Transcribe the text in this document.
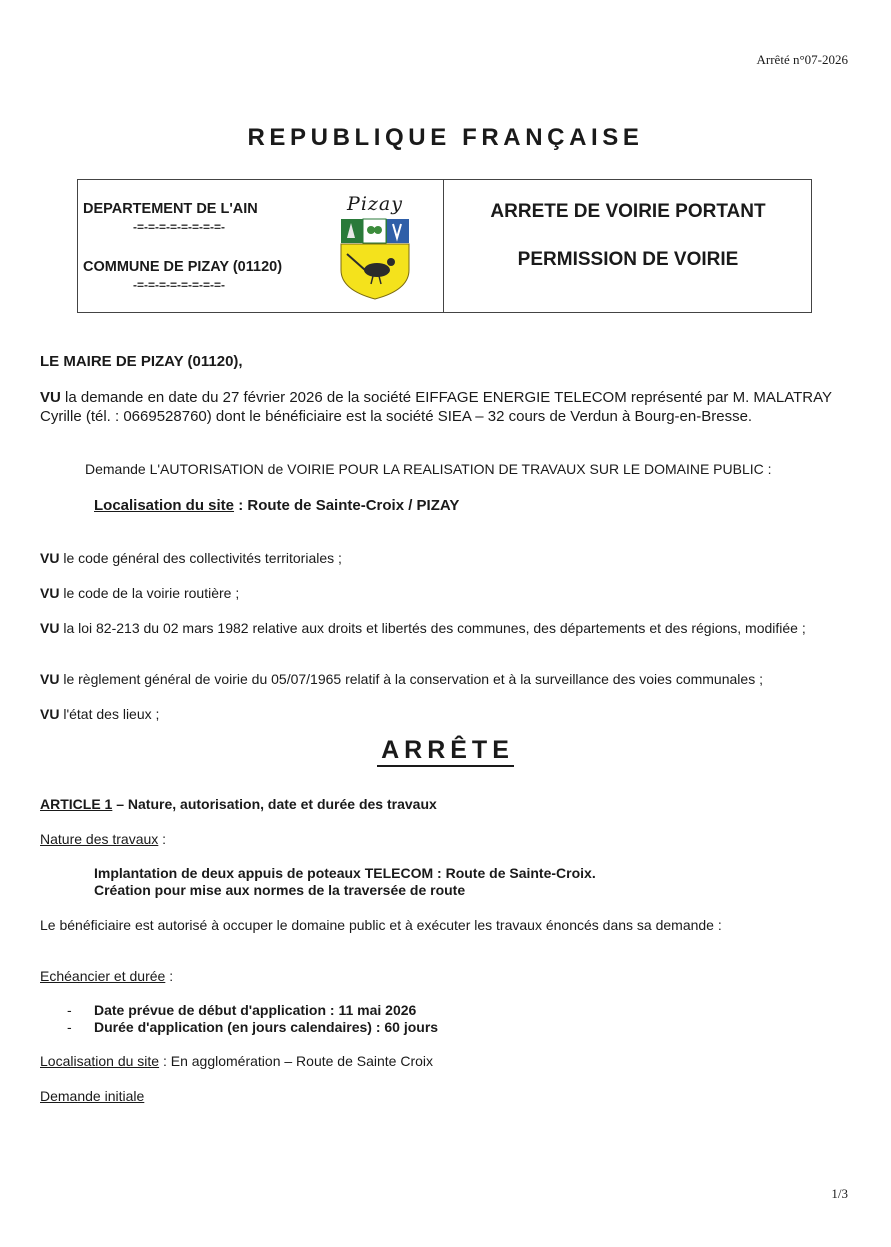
Arrêté n°07-2026
REPUBLIQUE FRANÇAISE
DEPARTEMENT DE L'AIN
-=-=-=-=-=-=-=-=-
COMMUNE DE PIZAY (01120)
-=-=-=-=-=-=-=-=-
Pizay	ARRETE DE VOIRIE PORTANT
PERMISSION DE VOIRIE

LE MAIRE DE PIZAY (01120),

VU la demande en date du 27 février 2026 de la société EIFFAGE ENERGIE TELECOM représenté par M. MALATRAY Cyrille (tél. : 0669528760) dont le bénéficiaire est la société SIEA – 32 cours de Verdun à Bourg-en-Bresse.

Demande L'AUTORISATION de VOIRIE POUR LA REALISATION DE TRAVAUX SUR LE DOMAINE PUBLIC :

Localisation du site : Route de Sainte-Croix / PIZAY

VU le code général des collectivités territoriales ;

VU le code de la voirie routière ;

VU la loi 82-213 du 02 mars 1982 relative aux droits et libertés des communes, des départements et des régions, modifiée ;

VU le règlement général de voirie du 05/07/1965 relatif à la conservation et à la surveillance des voies communales ;

VU l'état des lieux ;

ARRÊTE

ARTICLE 1 – Nature, autorisation, date et durée des travaux

Nature des travaux :

Implantation de deux appuis de poteaux TELECOM : Route de Sainte-Croix.

Création pour mise aux normes de la traversée de route

Le bénéficiaire est autorisé à occuper le domaine public et à exécuter les travaux énoncés dans sa demande :

Echéancier et durée :

- Date prévue de début d'application : 11 mai 2026
- Durée d'application (en jours calendaires) : 60 jours

Localisation du site : En agglomération – Route de Sainte Croix

Demande initiale

1/3
